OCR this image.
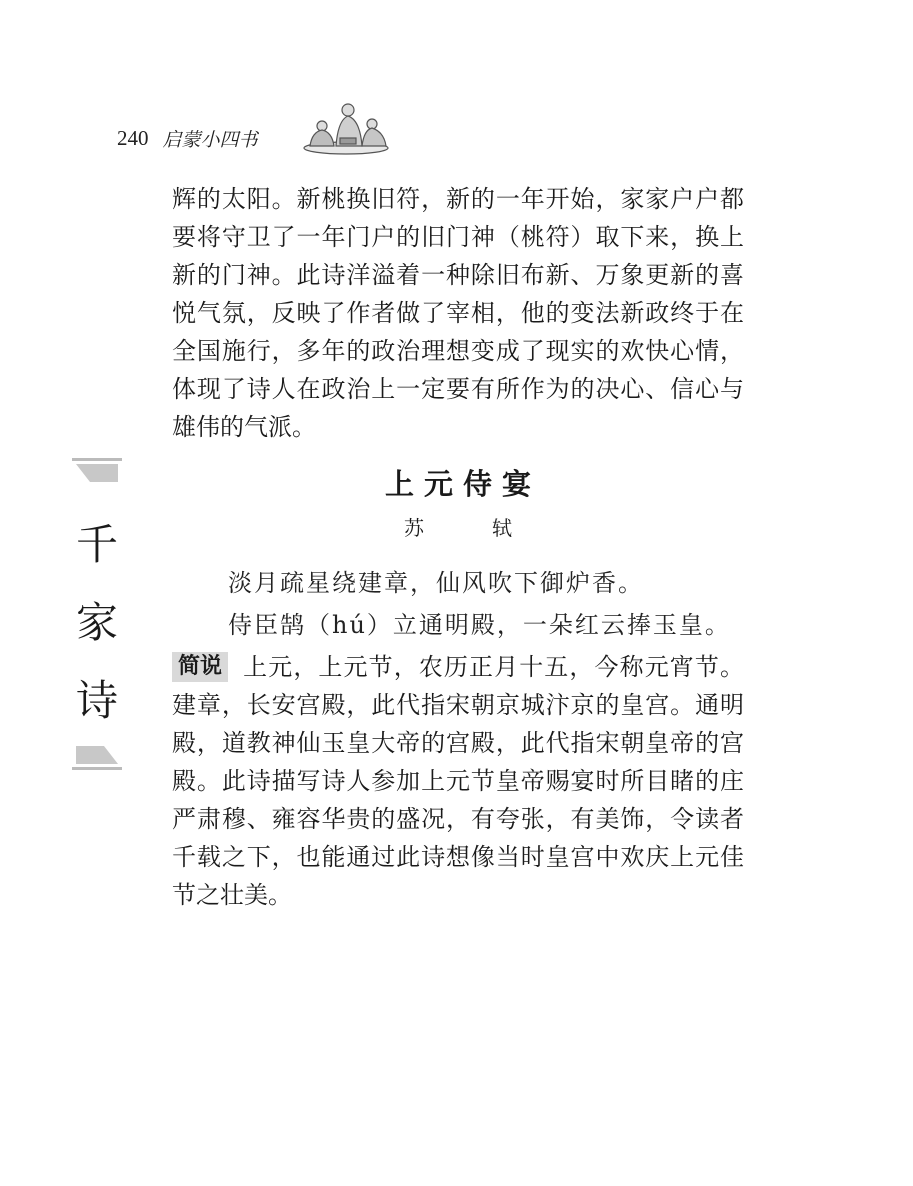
240 启蒙小四书
辉的太阳。新桃换旧符，新的一年开始，家家户户都要将守卫了一年门户的旧门神（桃符）取下来，换上新的门神。此诗洋溢着一种除旧布新、万象更新的喜悦气氛，反映了作者做了宰相，他的变法新政终于在全国施行，多年的政治理想变成了现实的欢快心情，体现了诗人在政治上一定要有所作为的决心、信心与雄伟的气派。
千
家
诗
上元侍宴
苏　轼
淡月疏星绕建章，仙风吹下御炉香。
侍臣鹄（hú）立通明殿，一朵红云捧玉皇。
简说 上元，上元节，农历正月十五，今称元宵节。建章，长安宫殿，此代指宋朝京城汴京的皇宫。通明殿，道教神仙玉皇大帝的宫殿，此代指宋朝皇帝的宫殿。此诗描写诗人参加上元节皇帝赐宴时所目睹的庄严肃穆、雍容华贵的盛况，有夸张，有美饰，令读者千载之下，也能通过此诗想像当时皇宫中欢庆上元佳节之壮美。
